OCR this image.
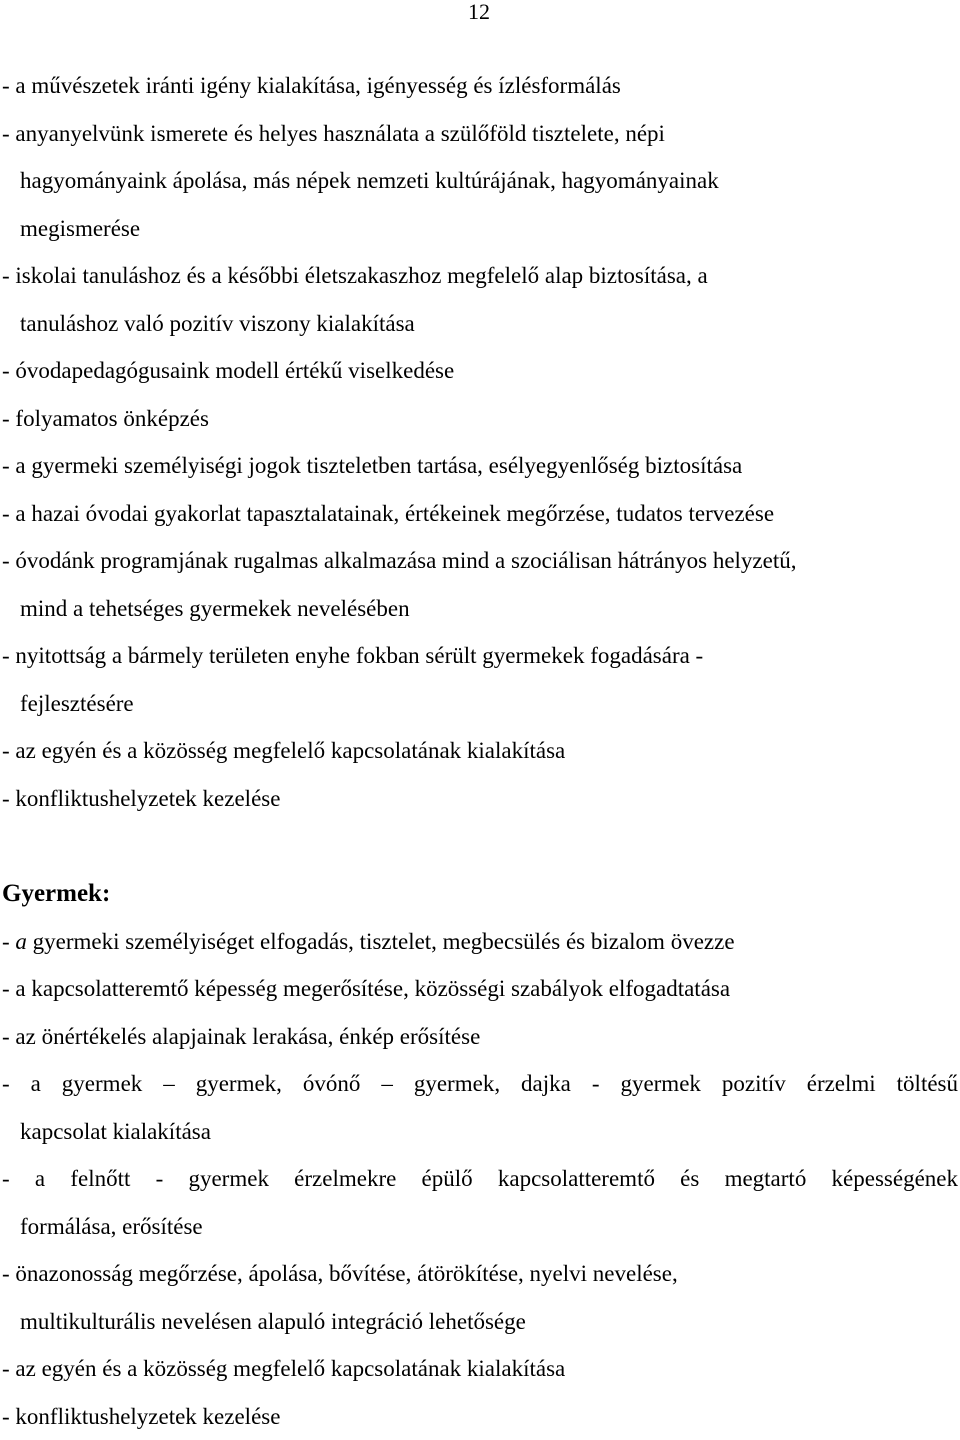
12
- a művészetek iránti igény kialakítása, igényesség és ízlésformálás
- anyanyelvünk ismerete és helyes használata a szülőföld tisztelete, népi
hagyományaink ápolása, más népek nemzeti kultúrájának, hagyományainak
megismerése
- iskolai tanuláshoz és a későbbi életszakaszhoz megfelelő alap biztosítása, a
tanuláshoz való pozitív viszony kialakítása
- óvodapedagógusaink modell értékű viselkedése
- folyamatos önképzés
- a gyermeki személyiségi jogok tiszteletben tartása, esélyegyenlőség biztosítása
- a hazai óvodai gyakorlat tapasztalatainak, értékeinek megőrzése, tudatos tervezése
- óvodánk programjának rugalmas alkalmazása mind a szociálisan hátrányos helyzetű,
mind a tehetséges gyermekek nevelésében
- nyitottság a bármely területen enyhe fokban sérült gyermekek fogadására -
fejlesztésére
- az egyén és a közösség megfelelő kapcsolatának kialakítása
- konfliktushelyzetek kezelése
Gyermek:
- a gyermeki személyiséget elfogadás, tisztelet, megbecsülés és bizalom övezze
- a kapcsolatteremtő képesség megerősítése, közösségi szabályok elfogadtatása
- az önértékelés alapjainak lerakása, énkép erősítése
- a gyermek – gyermek, óvónő – gyermek, dajka - gyermek pozitív érzelmi töltésű
kapcsolat kialakítása
- a felnőtt - gyermek érzelmekre épülő kapcsolatteremtő és megtartó képességének
formálása, erősítése
- önazonosság megőrzése, ápolása, bővítése, átörökítése, nyelvi nevelése,
multikulturális nevelésen alapuló integráció lehetősége
- az egyén és a közösség megfelelő kapcsolatának kialakítása
- konfliktushelyzetek kezelése
